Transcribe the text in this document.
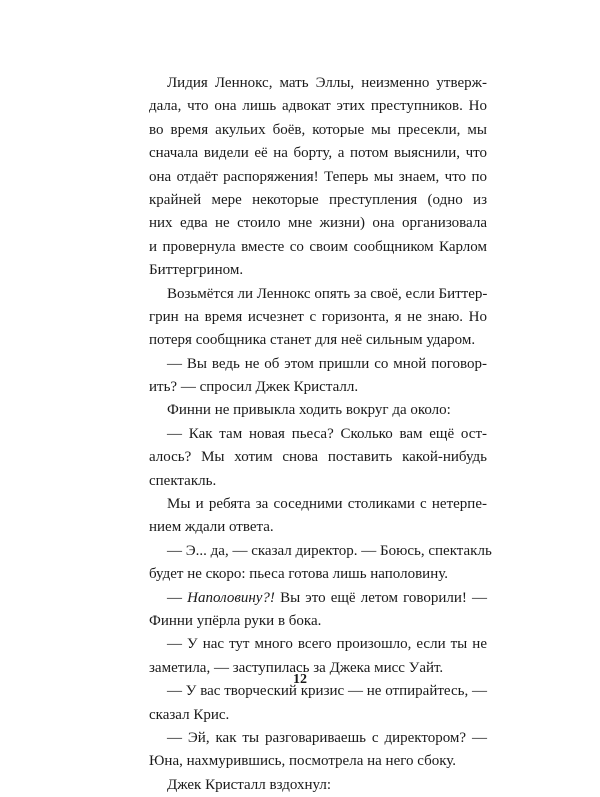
Лидия Леннокс, мать Эллы, неизменно утверж-
дала, что она лишь адвокат этих преступников. Но
во время акульих боёв, которые мы пресекли, мы
сначала видели её на борту, а потом выяснили, что
она отдаёт распоряжения! Теперь мы знаем, что по
крайней мере некоторые преступления (одно из
них едва не стоило мне жизни) она организовала
и провернула вместе со своим сообщником Карлом
Биттергрином.
Возьмётся ли Леннокс опять за своё, если Биттер-
грин на время исчезнет с горизонта, я не знаю. Но
потеря сообщника станет для неё сильным ударом.
— Вы ведь не об этом пришли со мной поговор-
ить? — спросил Джек Кристалл.
Финни не привыкла ходить вокруг да около:
— Как там новая пьеса? Сколько вам ещё ост-
алось? Мы хотим снова поставить какой-нибудь
спектакль.
Мы и ребята за соседними столиками с нетерпе-
нием ждали ответа.
— Э... да, — сказал директор. — Боюсь, спектакль
будет не скоро: пьеса готова лишь наполовину.
— Наполовину?! Вы это ещё летом говорили! —
Финни упёрла руки в бока.
— У нас тут много всего произошло, если ты не
заметила, — заступилась за Джека мисс Уайт.
— У вас творческий кризис — не отпирайтесь, —
сказал Крис.
— Эй, как ты разговариваешь с директором? —
Юна, нахмурившись, посмотрела на него сбоку.
Джек Кристалл вздохнул:
12
